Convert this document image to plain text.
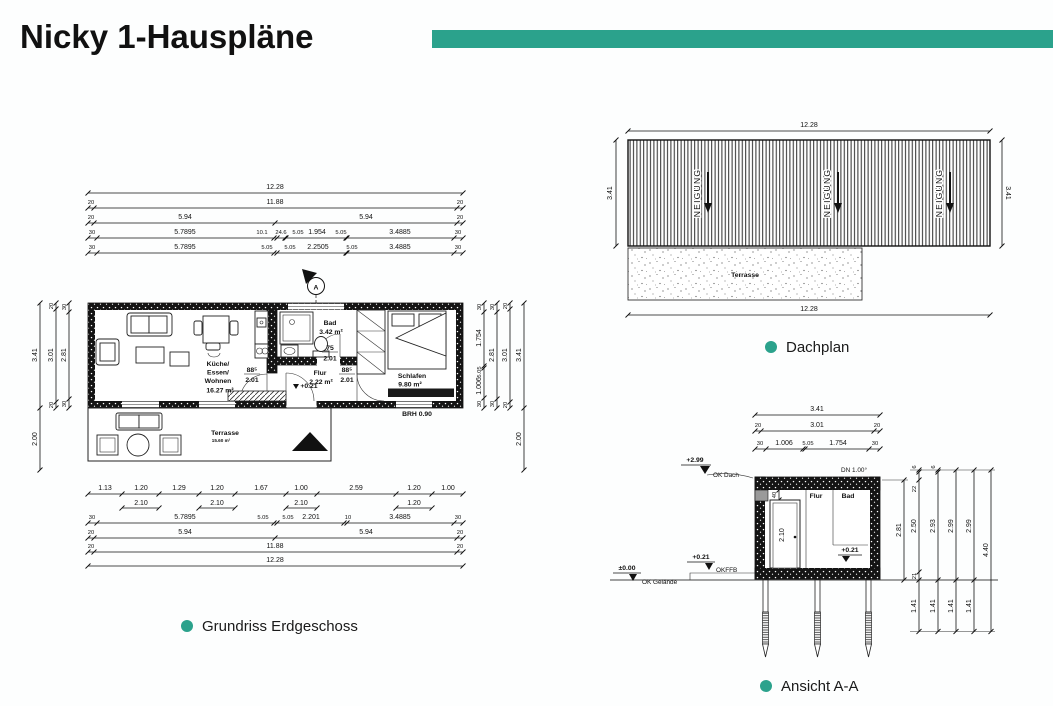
Nicky 1-Hauspläne
12.28
20	11.88	20
20	5.94	5.94	20
30	5.7895	10.1 24.6 5.05 1.954 5.05	3.4885	30
30	5.7895	5.05 5.05 2.2505	5.05	3.4885	30
A
Küche/
Essen/
Wohnen
16.27 m²
Bad
3.42 m²
Flur
2.22 m²
Schlafen
9.80 m²
88⁵
2.01
75
2.01
88⁵
2.01
+0.21
BRH 0.90
Terrasse
15.60 m²
1.13	1.20	1.29	1.20	1.67	1.00	2.59	1.20	1.00
2.10	2.10	2.10	1.20
30	5.7895	5.05 5.05 2.201	10	3.4885	30
20	5.94	5.94	20
20	11.88	20
12.28
3.41
2.00
20
3.01
20
30
2.81
30
30
1.754
5.05
1.006
30
30
2.81
30
20
3.01
20
3.41
2.00
Grundriss Erdgeschoss
12.28
NEIGUNG	NEIGUNG	NEIGUNG
3.41	3.41
Terrasse
12.28
Dachplan
3.41
20	3.01	20
30 1.006 5.05 1.754	30
+2.99
OK Dach
DN 1.00°
40
2.10
Flur	Bad
+0.21
+0.21
OKFFB
±0.00
OK Gelände
2.81
6
22
2.50
21
1.41
6
2.93
1.41
2.99
1.41
2.99
1.41
4.40
Ansicht A-A
